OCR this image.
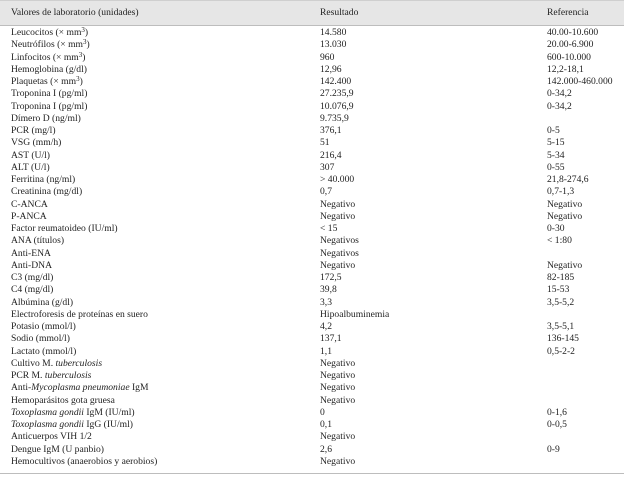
Valores de laboratorio (unidades)	Resultado	Referencia
Leucocitos (× $mm^3$)	14.580	40.00-10.600
Neutrófilos (× $mm^3$)	13.030	20.00-6.900
Linfocitos (× $mm^3$)	960	600-10.000
Hemoglobina (g/dl)	12,96	12,2-18,1
Plaquetas (× $mm^3$)	142.400	142.000-460.000
Troponina I (pg/ml)	27.235,9	0-34,2
Troponina I (pg/ml)	10.076,9	0-34,2
Dímero D (ng/ml)	9.735,9
PCR (mg/l)	376,1	0-5
VSG (mm/h)	51	5-15
AST (U/l)	216,4	5-34
ALT (U/l)	307	0-55
Ferritina (ng/ml)	> 40.000	21,8-274,6
Creatinina (mg/dl)	0,7	0,7-1,3
C-ANCA	Negativo	Negativo
P-ANCA	Negativo	Negativo
Factor reumatoideo (IU/ml)	< 15	0-30
ANA (títulos)	Negativos	< 1:80
Anti-ENA	Negativos
Anti-DNA	Negativo	Negativo
C3 (mg/dl)	172,5	82-185
C4 (mg/dl)	39,8	15-53
Albúmina (g/dl)	3,3	3,5-5,2
Electroforesis de proteínas en suero	Hipoalbuminemia
Potasio (mmol/l)	4,2	3,5-5,1
Sodio (mmol/l)	137,1	136-145
Lactato (mmol/l)	1,1	0,5-2-2
Cultivo M. tuberculosis	Negativo
PCR M. tuberculosis	Negativo
Anti-Mycoplasma pneumoniae IgM	Negativo
Hemoparásitos gota gruesa	Negativo
Toxoplasma gondii IgM (IU/ml)	0	0-1,6
Toxoplasma gondii IgG (IU/ml)	0,1	0-0,5
Anticuerpos VIH 1/2	Negativo
Dengue IgM (U panbio)	2,6	0-9
Hemocultivos (anaerobios y aerobios)	Negativo
